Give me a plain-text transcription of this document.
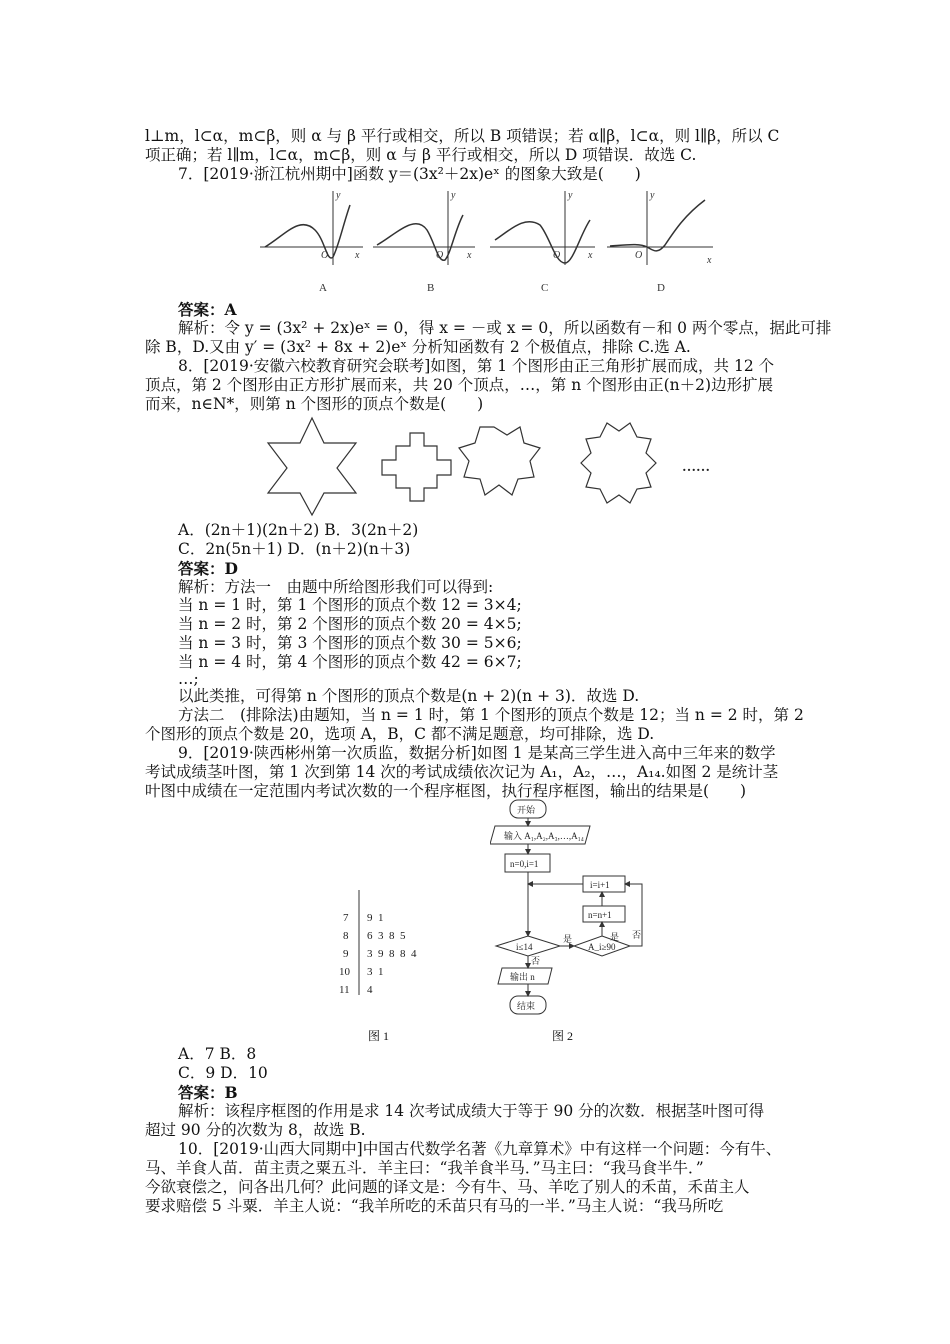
l⊥m，l⊂α，m⊂β，则 α 与 β 平行或相交，所以 B 项错误；若 α∥β，l⊂α，则 l∥β，所以 C
项正确；若 l∥m，l⊂α，m⊂β，则 α 与 β 平行或相交，所以 D 项错误．故选 C.
7．[2019·浙江杭州期中]函数 y＝(3x²＋2x)eˣ 的图象大致是(　　)
y
x
O
y
x
O
y
x
O
y
x
O
A	B	C	D
答案：A
解析：令 y = (3x² + 2x)eˣ = 0，得 x = －或 x = 0，所以函数有－和 0 两个零点，据此可排
除 B，D.又由 y′ = (3x² + 8x + 2)eˣ 分析知函数有 2 个极值点，排除 C.选 A.
8．[2019·安徽六校教育研究会联考]如图，第 1 个图形由正三角形扩展而成，共 12 个
顶点，第 2 个图形由正方形扩展而来，共 20 个顶点，…，第 n 个图形由正(n＋2)边形扩展
而来，n∈N*，则第 n 个图形的顶点个数是(　　)
……
A．(2n＋1)(2n＋2) B．3(2n＋2)
C．2n(5n＋1) D．(n＋2)(n＋3)
答案：D
解析：方法一　由题中所给图形我们可以得到:
当 n = 1 时，第 1 个图形的顶点个数 12 = 3×4;
当 n = 2 时，第 2 个图形的顶点个数 20 = 4×5;
当 n = 3 时，第 3 个图形的顶点个数 30 = 5×6;
当 n = 4 时，第 4 个图形的顶点个数 42 = 6×7;
…;
以此类推，可得第 n 个图形的顶点个数是(n + 2)(n + 3)．故选 D.
方法二　(排除法)由题知，当 n = 1 时，第 1 个图形的顶点个数是 12；当 n = 2 时，第 2
个图形的顶点个数是 20，选项 A，B，C 都不满足题意，均可排除，选 D.
9．[2019·陕西彬州第一次质监，数据分析]如图 1 是某高三学生进入高中三年来的数学
考试成绩茎叶图，第 1 次到第 14 次的考试成绩依次记为 A₁，A₂，…，A₁₄.如图 2 是统计茎
叶图中成绩在一定范围内考试次数的一个程序框图，执行程序框图，输出的结果是(　　)
7 9  1
8 6  3  8  5
9 3  9  8  8  4
10 3  1
11 4
开始
输入 A₁,A₂,A₃,…,A₁₄
n=0,i=1
i≤14	A_i≥90
是	是 否
否
n=n+1
i=i+1
输出 n
结束
图 1	图 2
A．7 B．8
C．9 D．10
答案：B
解析：该程序框图的作用是求 14 次考试成绩大于等于 90 分的次数．根据茎叶图可得
超过 90 分的次数为 8，故选 B.
10．[2019·山西大同期中]中国古代数学名著《九章算术》中有这样一个问题：今有牛、
马、羊食人苗．苗主责之粟五斗．羊主曰：“我羊食半马．”马主曰：“我马食半牛．”
今欲衰偿之，问各出几何？此问题的译文是：今有牛、马、羊吃了别人的禾苗，禾苗主人
要求赔偿 5 斗粟．羊主人说：“我羊所吃的禾苗只有马的一半．”马主人说：“我马所吃
